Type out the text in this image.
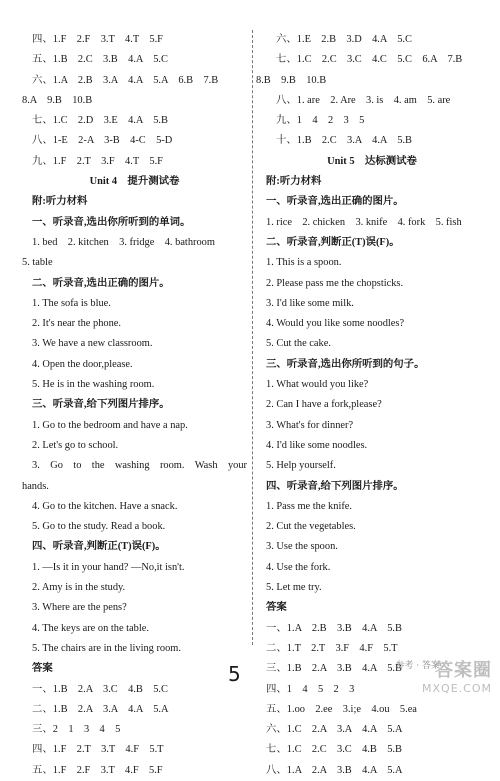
四、1.F　2.F　3.T　4.T　5.F
五、1.B　2.C　3.B　4.A　5.C
六、1.A　2.B　3.A　4.A　5.A　6.B　7.B
8.A　9.B　10.B
七、1.C　2.D　3.E　4.A　5.B
八、1-E　2-A　3-B　4-C　5-D
九、1.F　2.T　3.F　4.T　5.F
Unit 4　提升测试卷
附:听力材料
一、听录音,选出你所听到的单词。
1. bed　2. kitchen　3. fridge　4. bathroom
5. table
二、听录音,选出正确的图片。
1. The sofa is blue.
2. It's near the phone.
3. We have a new classroom.
4. Open the door,please.
5. He is in the washing room.
三、听录音,给下列图片排序。
1. Go to the bedroom and have a nap.
2. Let's go to school.
3. Go to the washing room. Wash your
hands.
4. Go to the kitchen. Have a snack.
5. Go to the study. Read a book.
四、听录音,判断正(T)误(F)。
1. —Is it in your hand? —No,it isn't.
2. Amy is in the study.
3. Where are the pens?
4. The keys are on the table.
5. The chairs are in the living room.
答案
一、1.B　2.A　3.C　4.B　5.C
二、1.B　2.A　3.A　4.A　5.A
三、2　1　3　4　5
四、1.F　2.T　3.T　4.F　5.T
五、1.F　2.F　3.T　4.F　5.F
六、1.E　2.B　3.D　4.A　5.C
七、1.C　2.C　3.C　4.C　5.C　6.A　7.B
8.B　9.B　10.B
八、1. are　2. Are　3. is　4. am　5. are
九、1　4　2　3　5
十、1.B　2.C　3.A　4.A　5.B
Unit 5　达标测试卷
附:听力材料
一、听录音,选出正确的图片。
1. rice　2. chicken　3. knife　4. fork　5. fish
二、听录音,判断正(T)误(F)。
1. This is a spoon.
2. Please pass me the chopsticks.
3. I'd like some milk.
4. Would you like some noodles?
5. Cut the cake.
三、听录音,选出你所听到的句子。
1. What would you like?
2. Can I have a fork,please?
3. What's for dinner?
4. I'd like some noodles.
5. Help yourself.
四、听录音,给下列图片排序。
1. Pass me the knife.
2. Cut the vegetables.
3. Use the spoon.
4. Use the fork.
5. Let me try.
答案
一、1.A　2.B　3.B　4.A　5.B
二、1.T　2.T　3.F　4.F　5.T
三、1.B　2.A　3.B　4.A　5.B
四、1　4　5　2　3
五、1.oo　2.ee　3.i;e　4.ou　5.ea
六、1.C　2.A　3.A　4.A　5.A
七、1.C　2.C　3.C　4.B　5.B
八、1.A　2.A　3.B　4.A　5.A
5	参考 · 答案
答案圈
MXQE.COM
